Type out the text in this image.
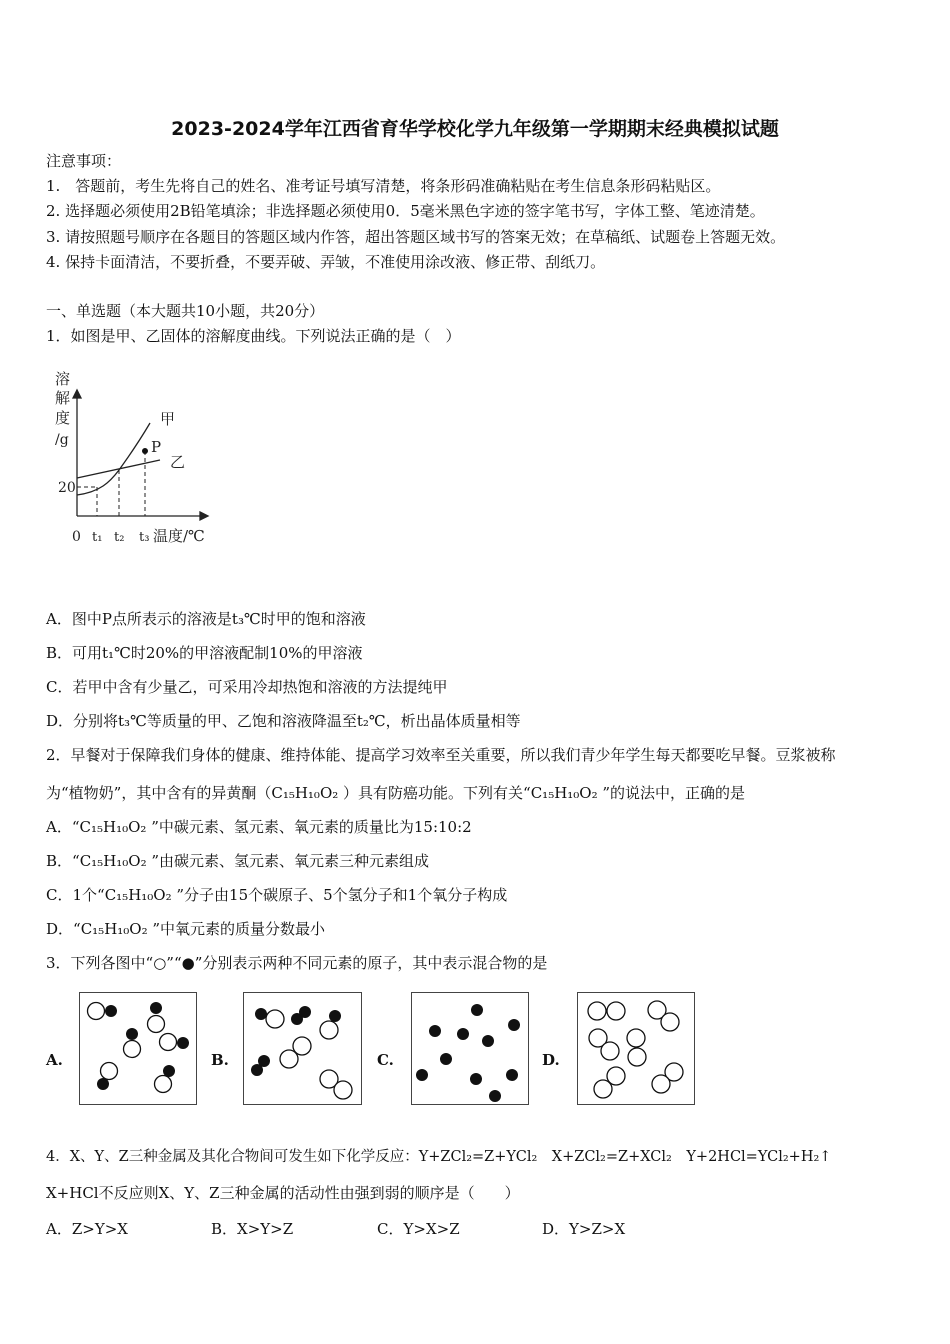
2023-2024学年江西省育华学校化学九年级第一学期期末经典模拟试题
注意事项：
1.　答题前，考生先将自己的姓名、准考证号填写清楚，将条形码准确粘贴在考生信息条形码粘贴区。
2. 选择题必须使用2B铅笔填涂；非选择题必须使用0．5毫米黑色字迹的签字笔书写，字体工整、笔迹清楚。
3. 请按照题号顺序在各题目的答题区域内作答，超出答题区域书写的答案无效；在草稿纸、试题卷上答题无效。
4. 保持卡面清洁，不要折叠，不要弄破、弄皱，不准使用涂改液、修正带、刮纸刀。
一、单选题（本大题共10小题，共20分）
1．如图是甲、乙固体的溶解度曲线。下列说法正确的是（　）
溶
解
度
/g
20
0 t₁ t₂ t₃ 温度/℃
甲
P
乙
A．图中P点所表示的溶液是t₃℃时甲的饱和溶液
B．可用t₁℃时20%的甲溶液配制10%的甲溶液
C．若甲中含有少量乙，可采用冷却热饱和溶液的方法提纯甲
D．分别将t₃℃等质量的甲、乙饱和溶液降温至t₂℃，析出晶体质量相等
2．早餐对于保障我们身体的健康、维持体能、提高学习效率至关重要，所以我们青少年学生每天都要吃早餐。豆浆被称
为“植物奶”，其中含有的异黄酮（C₁₅H₁₀O₂ ）具有防癌功能。下列有关“C₁₅H₁₀O₂ ”的说法中，正确的是
A．“C₁₅H₁₀O₂ ”中碳元素、氢元素、氧元素的质量比为15:10:2
B．“C₁₅H₁₀O₂ ”由碳元素、氢元素、氧元素三种元素组成
C．1个“C₁₅H₁₀O₂ ”分子由15个碳原子、5个氢分子和1个氧分子构成
D．“C₁₅H₁₀O₂ ”中氧元素的质量分数最小
3．下列各图中“○”“●”分别表示两种不同元素的原子，其中表示混合物的是
A.	B.	C.	D.
4．X、Y、Z三种金属及其化合物间可发生如下化学反应：Y+ZCl₂=Z+YCl₂　X+ZCl₂=Z+XCl₂　Y+2HCl=YCl₂+H₂↑
X+HCl不反应则X、Y、Z三种金属的活动性由强到弱的顺序是（　　）
A．Z>Y>X	B．X>Y>Z	C．Y>X>Z	D．Y>Z>X
